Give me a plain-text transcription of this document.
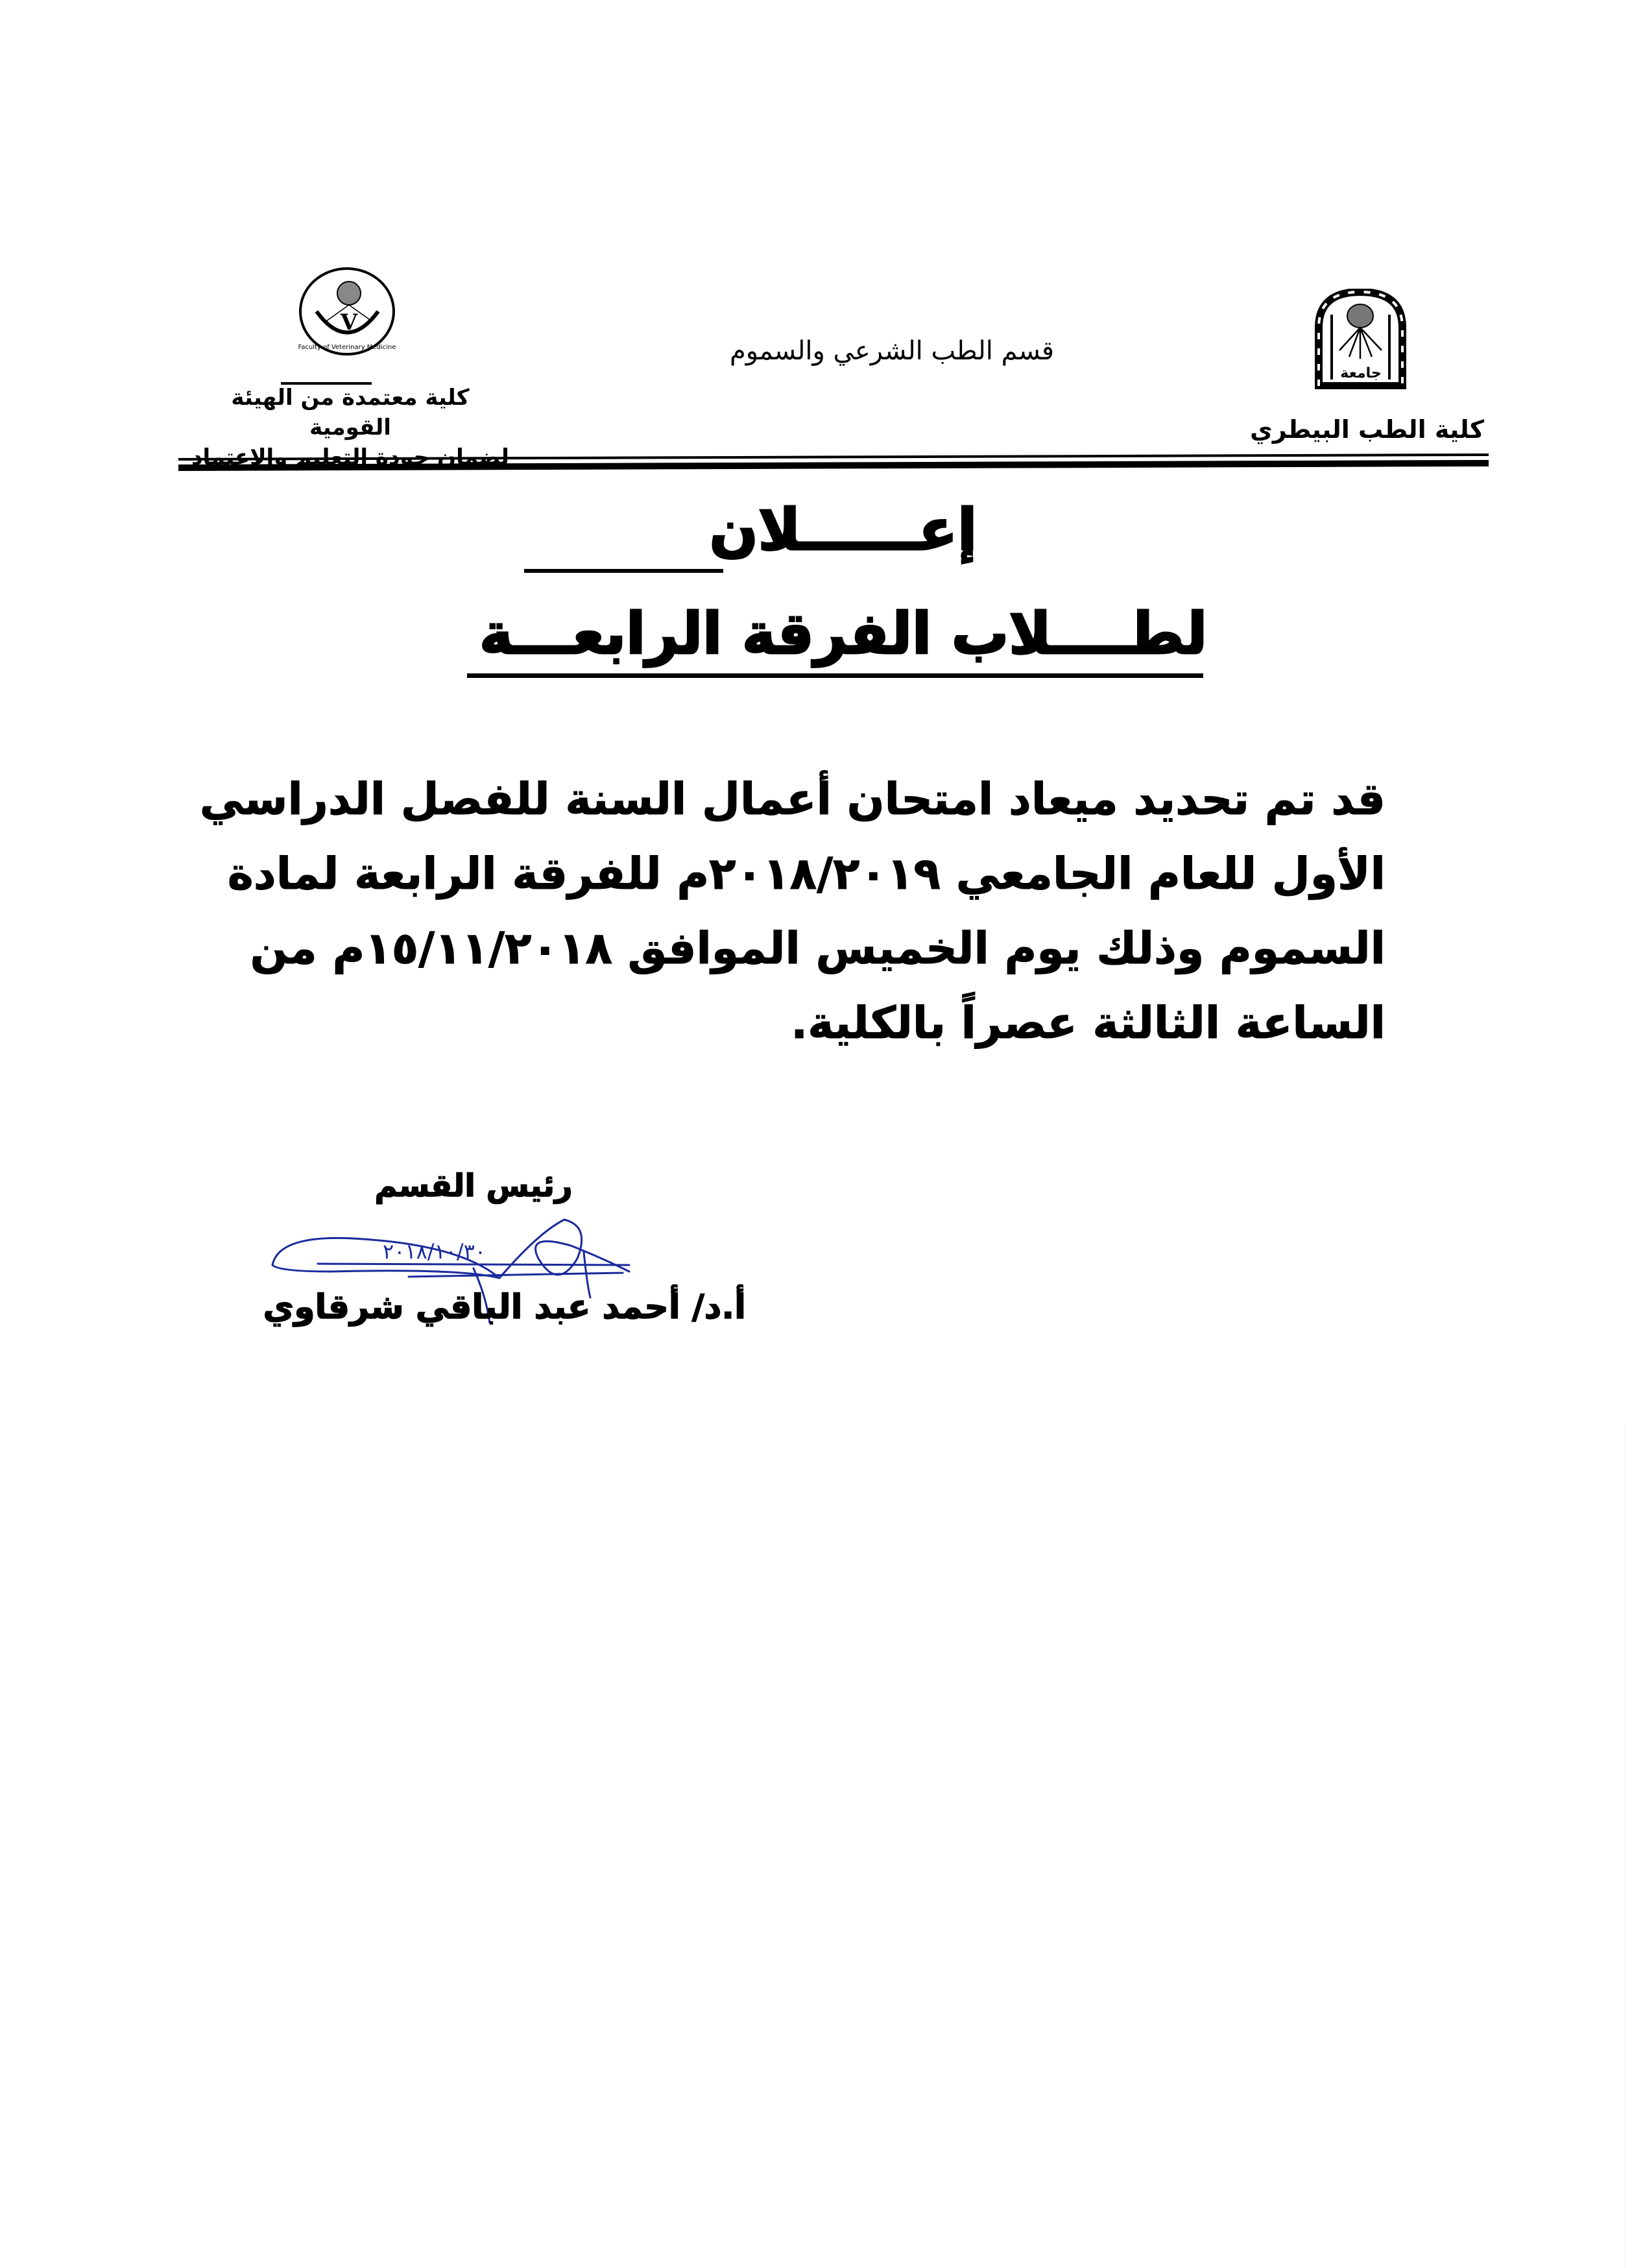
جامعة
كلية الطب البيطري
قسم الطب الشرعي والسموم
V
Faculty of Veterinary Medicine
كلية معتمدة من الهيئة القومية
إعــــــلان
لطــــلاب الفرقة الرابعـــة
قد تم تحديد ميعاد امتحان أعمال السنة للفصل الدراسي
الأول للعام الجامعي ٢٠١٨/٢٠١٩م للفرقة الرابعة لمادة
السموم وذلك يوم الخميس الموافق ١٥/١١/٢٠١٨م من
الساعة الثالثة عصراً بالكلية.
رئيس القسم
٢٠١٨/١٠/٣٠
أ.د/ أحمد عبد الباقي شرقاوي
